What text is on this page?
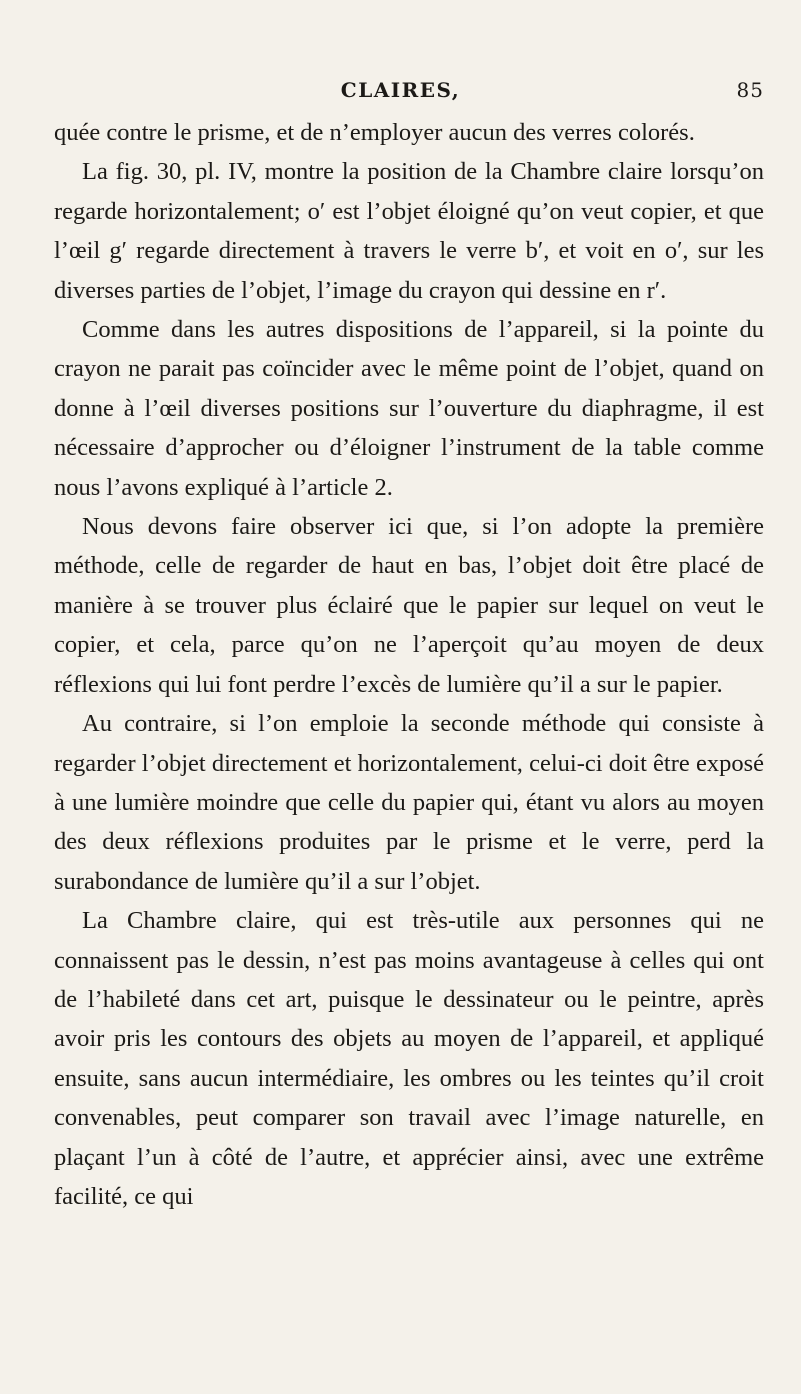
CLAIRES,	85

quée contre le prisme, et de n’employer aucun des verres colorés.

La fig. 30, pl. IV, montre la position de la Chambre claire lorsqu’on regarde horizontalement; o′ est l’objet éloigné qu’on veut copier, et que l’œil g′ regarde directement à travers le verre b′, et voit en o′, sur les diverses parties de l’objet, l’image du crayon qui dessine en r′.

Comme dans les autres dispositions de l’appareil, si la pointe du crayon ne parait pas coïncider avec le même point de l’objet, quand on donne à l’œil diverses positions sur l’ouverture du diaphragme, il est nécessaire d’approcher ou d’éloigner l’instrument de la table comme nous l’avons expliqué à l’article 2.

Nous devons faire observer ici que, si l’on adopte la première méthode, celle de regarder de haut en bas, l’objet doit être placé de manière à se trouver plus éclairé que le papier sur lequel on veut le copier, et cela, parce qu’on ne l’aperçoit qu’au moyen de deux réflexions qui lui font perdre l’excès de lumière qu’il a sur le papier.

Au contraire, si l’on emploie la seconde méthode qui consiste à regarder l’objet directement et horizontalement, celui-ci doit être exposé à une lumière moindre que celle du papier qui, étant vu alors au moyen des deux réflexions produites par le prisme et le verre, perd la surabondance de lumière qu’il a sur l’objet.

La Chambre claire, qui est très-utile aux personnes qui ne connaissent pas le dessin, n’est pas moins avantageuse à celles qui ont de l’habileté dans cet art, puisque le dessinateur ou le peintre, après avoir pris les contours des objets au moyen de l’appareil, et appliqué ensuite, sans aucun intermédiaire, les ombres ou les teintes qu’il croit convenables, peut comparer son travail avec l’image naturelle, en plaçant l’un à côté de l’autre, et apprécier ainsi, avec une extrême facilité, ce qui
